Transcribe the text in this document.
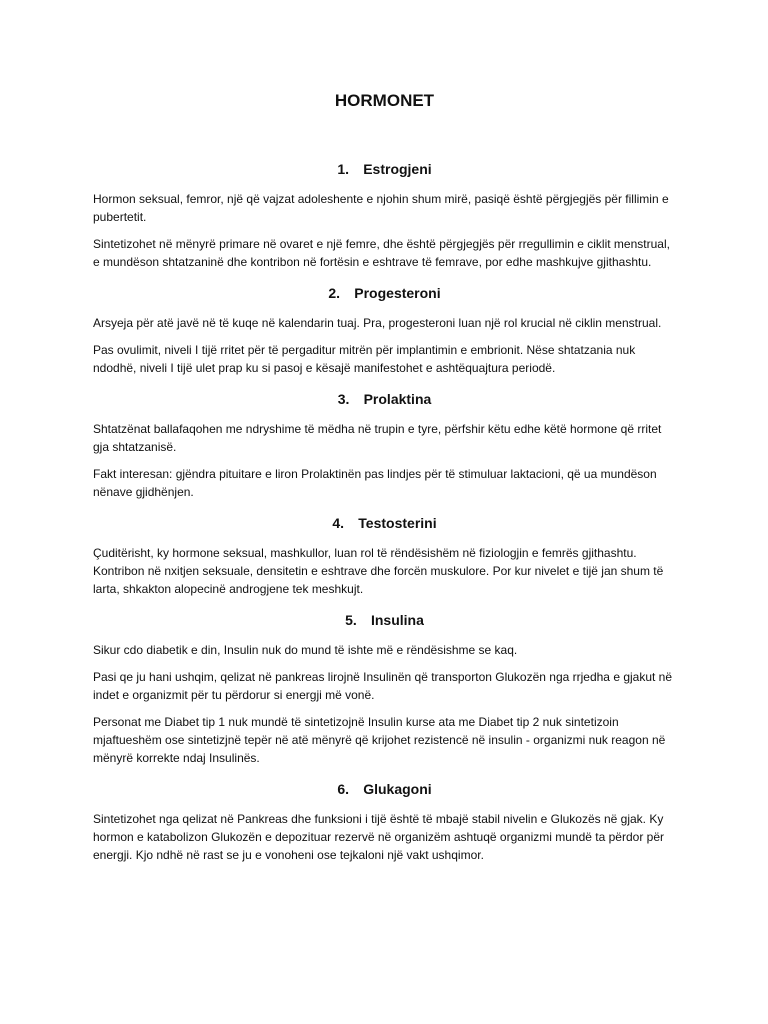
HORMONET
1. Estrogjeni

Hormon seksual, femror, një që vajzat adoleshente e njohin shum mirë, pasiqë është përgjegjës për fillimin e pubertetit.

Sintetizohet në mënyrë primare në ovaret e një femre, dhe është përgjegjës për rregullimin e ciklit menstrual, e mundëson shtatzaninë dhe kontribon në fortësin e eshtrave të femrave, por edhe mashkujve gjithashtu.

2. Progesteroni

Arsyeja për atë javë në të kuqe në kalendarin tuaj. Pra, progesteroni luan një rol krucial në ciklin menstrual.

Pas ovulimit, niveli I tijë rritet për të pergaditur mitrën për implantimin e embrionit. Nëse shtatzania nuk ndodhë, niveli I tijë ulet prap ku si pasoj e kësajë manifestohet e ashtëquajtura periodë.

3. Prolaktina

Shtatzënat ballafaqohen me ndryshime të mëdha në trupin e tyre, përfshir këtu edhe këtë hormone që rritet gja shtatzanisë.

Fakt interesan: gjëndra pituitare e liron Prolaktinën pas lindjes për të stimuluar laktacioni, që ua mundëson nënave gjidhënjen.

4. Testosterini

Çuditërisht, ky hormone seksual, mashkullor, luan rol të rëndësishëm në fiziologjin e femrës gjithashtu. Kontribon në nxitjen seksuale, densitetin e eshtrave dhe forcën muskulore. Por kur nivelet e tijë jan shum të larta, shkakton alopecinë androgjene tek meshkujt.

5. Insulina

Sikur cdo diabetik e din, Insulin nuk do mund të ishte më e rëndësishme se kaq.

Pasi qe ju hani ushqim, qelizat në pankreas lirojnë Insulinën që transporton Glukozën nga rrjedha e gjakut në indet e organizmit për tu përdorur si energji më vonë.

Personat me Diabet tip 1 nuk mundë të sintetizojnë Insulin kurse ata me Diabet tip 2 nuk sintetizoin mjaftueshëm ose sintetizjnë tepër në atë mënyrë që krijohet rezistencë në insulin - organizmi nuk reagon në mënyrë korrekte ndaj Insulinës.

6. Glukagoni

Sintetizohet nga qelizat në Pankreas dhe funksioni i tijë është të mbajë stabil nivelin e Glukozës në gjak. Ky hormon e katabolizon Glukozën e depozituar rezervë në organizëm ashtuqë organizmi mundë ta përdor për energji. Kjo ndhë në rast se ju e vonoheni ose tejkaloni një vakt ushqimor.
